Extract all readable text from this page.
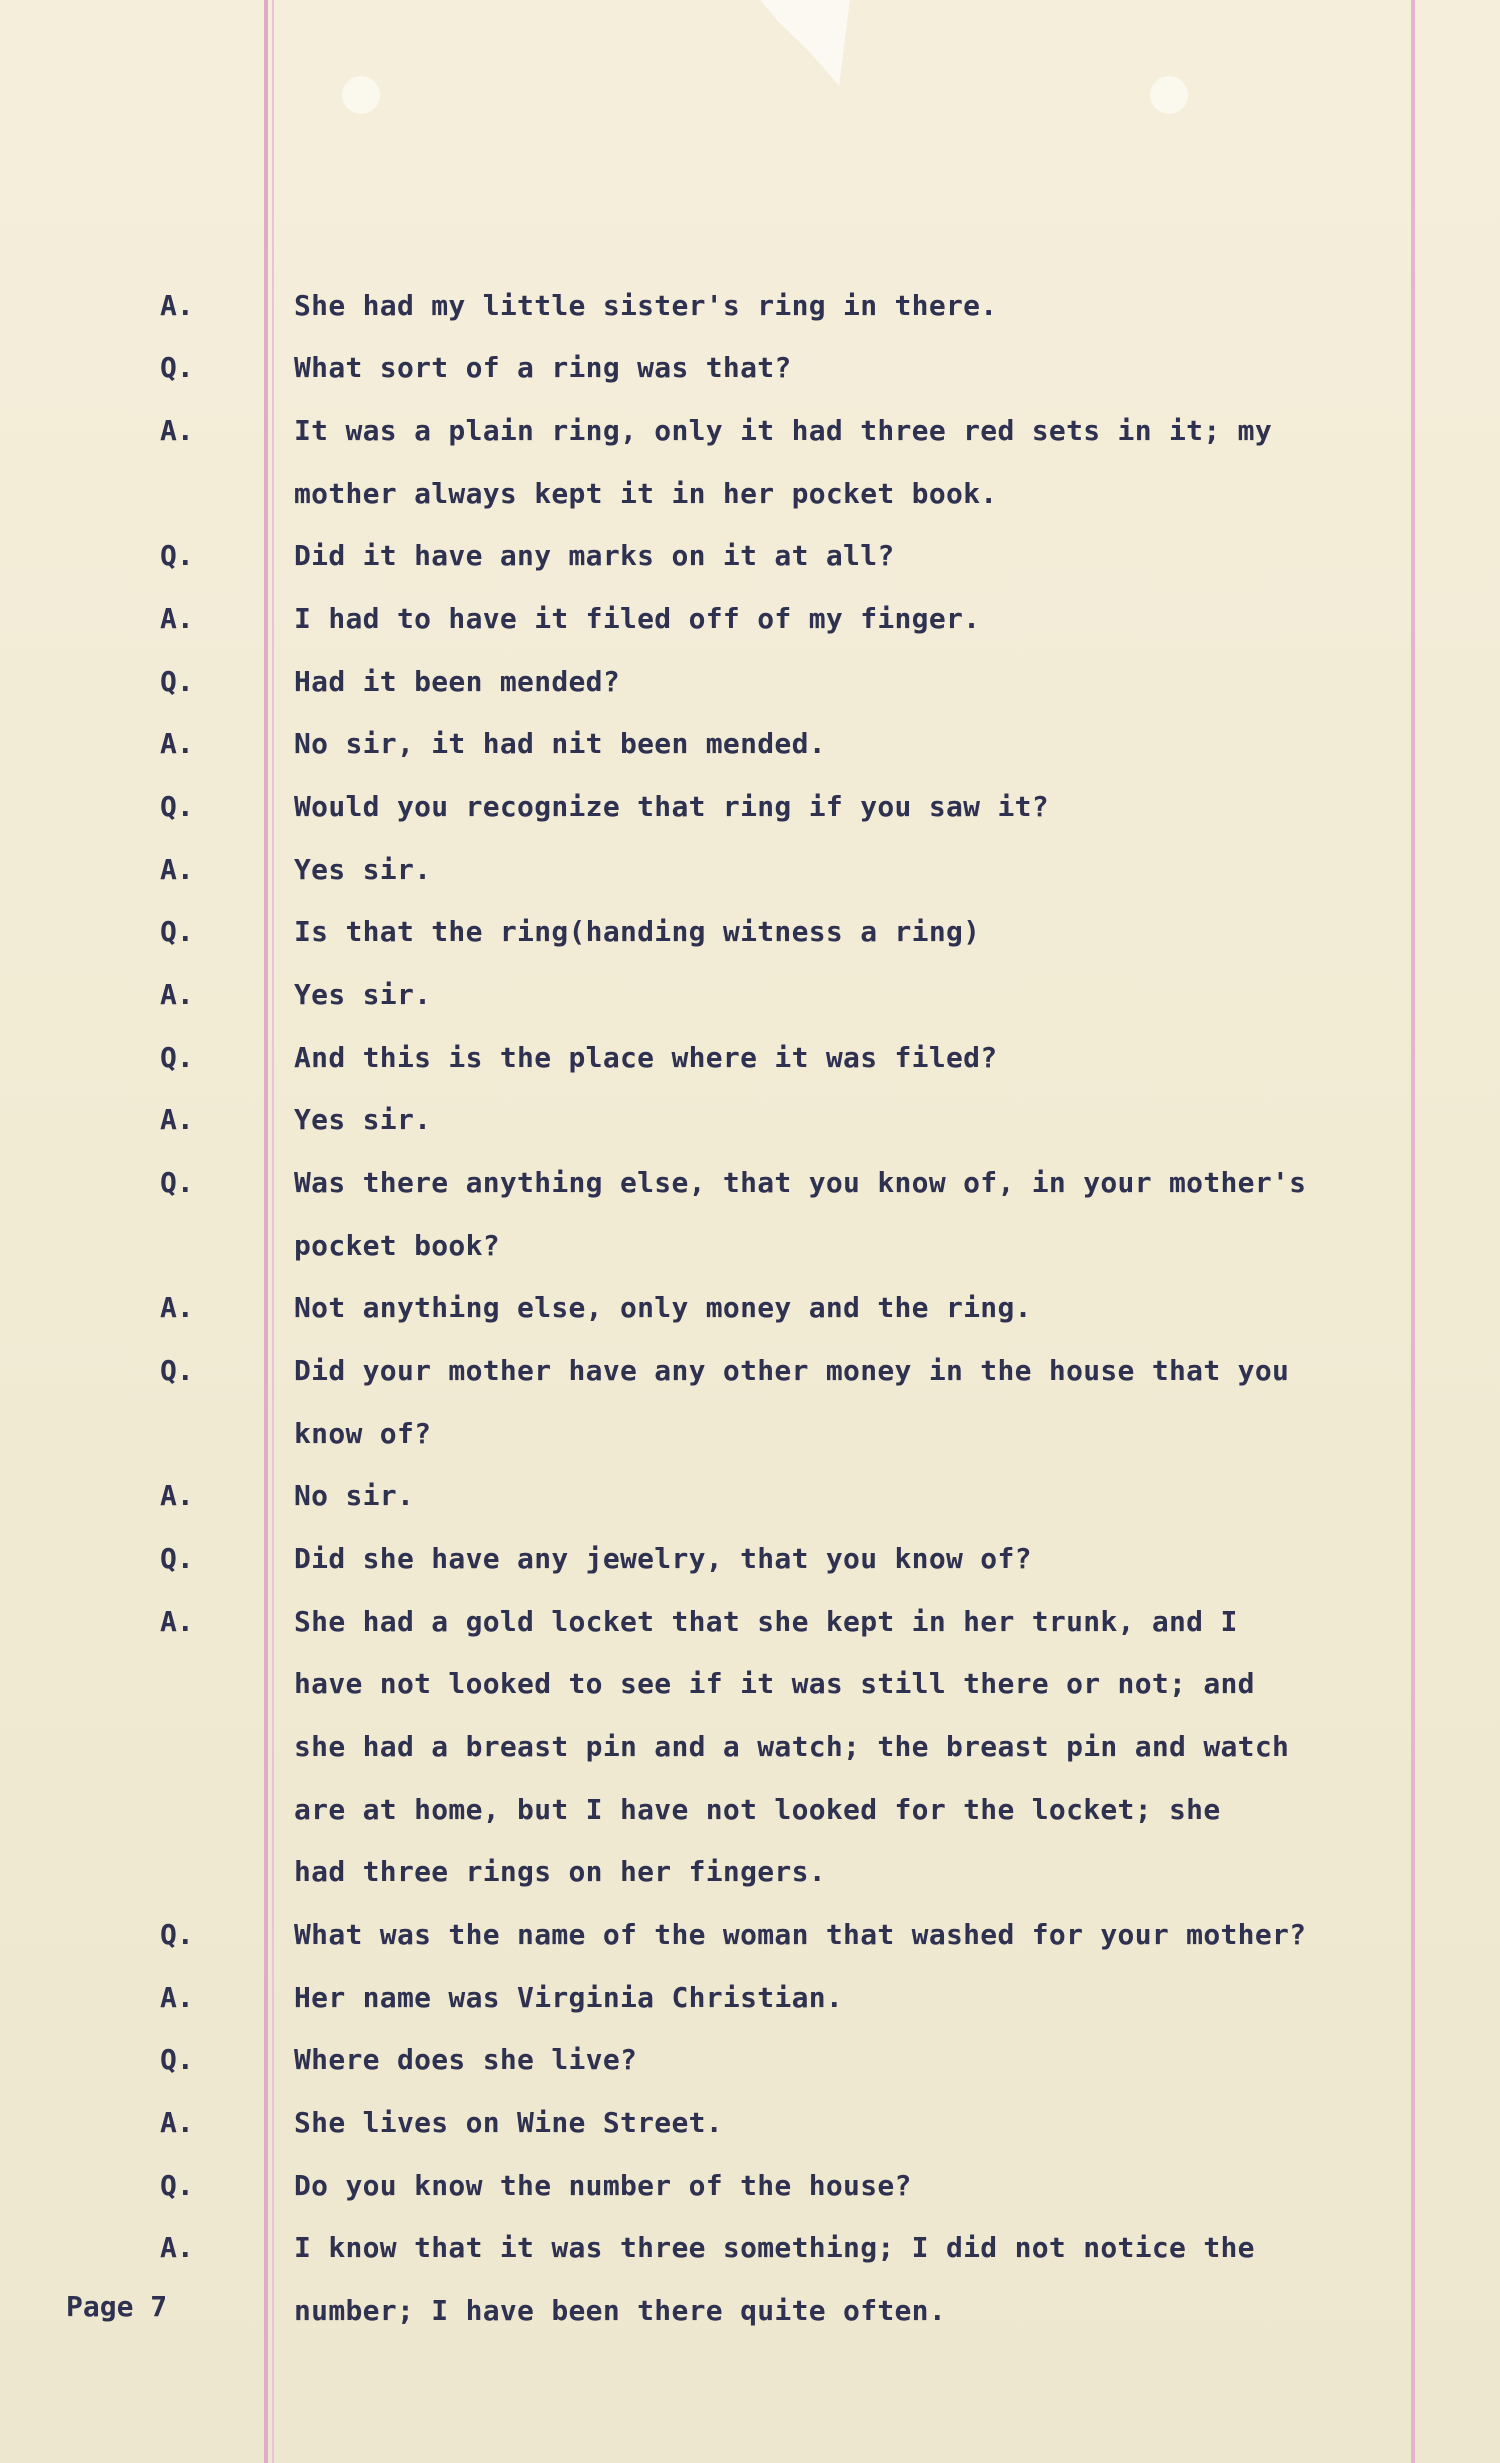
A.	She had my little sister's ring in there.
Q.	What sort of a ring was that?
A.	It was a plain ring, only it had three red sets in it; my
mother always kept it in her pocket book.
Q.	Did it have any marks on it at all?
A.	I had to have it filed off of my finger.
Q.	Had it been mended?
A.	No sir, it had nit been mended.
Q.	Would you recognize that ring if you saw it?
A.	Yes sir.
Q.	Is that the ring(handing witness a ring)
A.	Yes sir.
Q.	And this is the place where it was filed?
A.	Yes sir.
Q.	Was there anything else, that you know of, in your mother's
pocket book?
A.	Not anything else, only money and the ring.
Q.	Did your mother have any other money in the house that you
know of?
A.	No sir.
Q.	Did she have any jewelry, that you know of?
A.	She had a gold locket that she kept in her trunk, and I
have not looked to see if it was still there or not; and
she had a breast pin and a watch; the breast pin and watch
are at home, but I have not looked for the locket; she
had three rings on her fingers.
Q.	What was the name of the woman that washed for your mother?
A.	Her name was Virginia Christian.
Q.	Where does she live?
A.	She lives on Wine Street.
Q.	Do you know the number of the house?
A.	I know that it was three something; I did not notice the
number; I have been there quite often.
Page 7
